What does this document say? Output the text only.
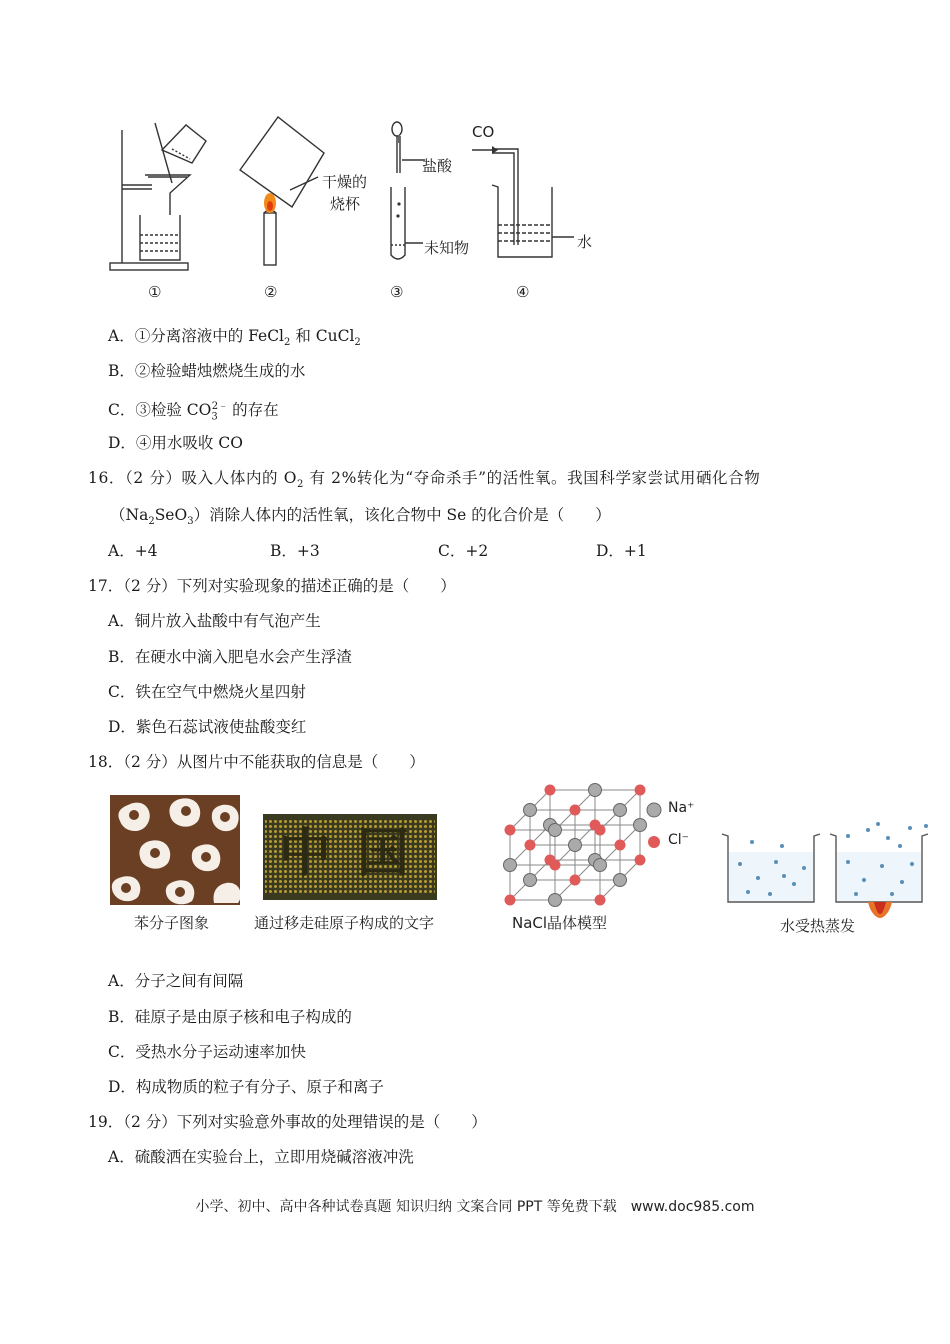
盐酸
干燥的
烧杯
未知物
CO
水
①	②	③	④
A．①分离溶液中的 FeCl$_2$ 和 CuCl$_2$
B．②检验蜡烛燃烧生成的水
C．③检验 $CO_3^{2﹣}$ 的存在
D．④用水吸收 CO
16．（2 分）吸入人体内的 $O_2$ 有 2%转化为“夺命杀手”的活性氧。我国科学家尝试用硒化合物
$(Na_2SeO_3)$消除人体内的活性氧，该化合物中 Se 的化合价是（　　）
A．+4	B．+3	C．+2	D．+1
17．（2 分）下列对实验现象的描述正确的是（　　）
A．铜片放入盐酸中有气泡产生
B．在硬水中滴入肥皂水会产生浮渣
C．铁在空气中燃烧火星四射
D．紫色石蕊试液使盐酸变红
18．（2 分）从图片中不能获取的信息是（　　）
苯分子图象
中国
通过移走硅原子构成的文字
Na⁺
Cl⁻
NaCl晶体模型	水受热蒸发
A．分子之间有间隔
B．硅原子是由原子核和电子构成的
C．受热水分子运动速率加快
D．构成物质的粒子有分子、原子和离子
19．（2 分）下列对实验意外事故的处理错误的是（　　）
A．硫酸洒在实验台上，立即用烧碱溶液冲洗
小学、初中、高中各种试卷真题 知识归纳 文案合同 PPT 等免费下载　www.doc985.com
